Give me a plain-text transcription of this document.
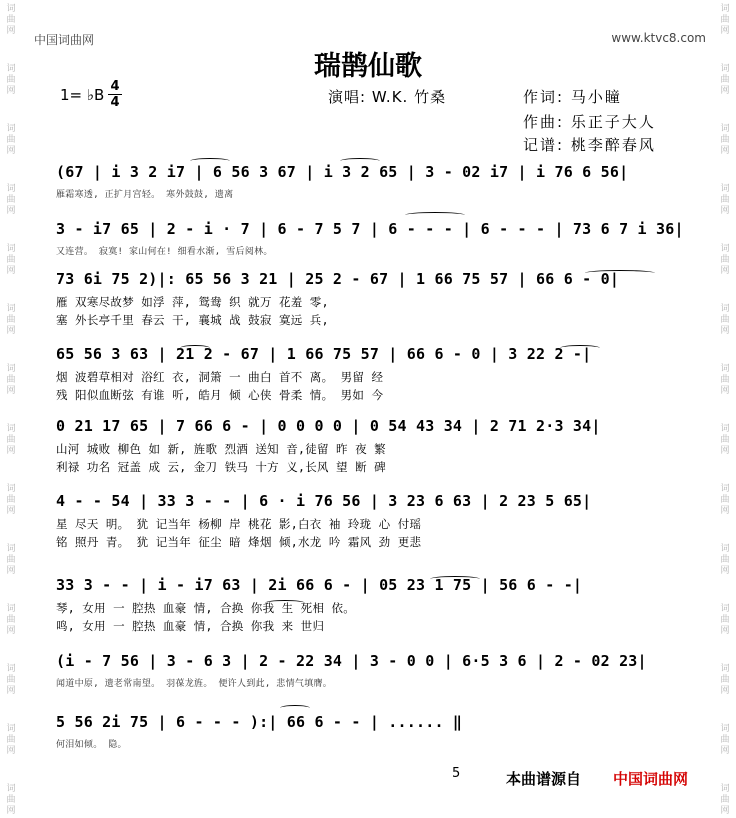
词
曲
网
词
曲
网
词
曲
网
词
曲
网
词
曲
网
词
曲
网
词
曲
网
词
曲
网
词
曲
网
词
曲
网
词
曲
网
词
曲
网
词
曲
网
词
曲
网
词
曲
网
词
曲
网
词
曲
网
词
曲
网
词
曲
网
词
曲
网
词
曲
网
词
曲
网
词
曲
网
词
曲
网
词
曲
网
词
曲
网
词
曲
网
词
曲
网
中国词曲网	www.ktvc8.com
瑞鹊仙歌
1= ♭B 4
4	演唱: W.K. 竹桑	作词: 马小瞳
作曲: 乐正子大人
记谱: 桃李醉春风
(67 | i 3 2 i7 | 6 56 3 67 | i 3 2 65 | 3 - 02 i7 | i 76 6 56|
雁霜寒透, 正扩月宫轻。 寒外鼓鼓, 遗离
3 - i7 65 | 2 - i · 7 | 6 - 7 5 7 | 6 - - - | 6 - - - | 73 6 7 i 36|
又连营。 寂寞! 家山何在! 细看水渐, 雪后阅林。
73 6i 75 2)|: 65 56 3 21 | 25 2 - 67 | 1 66 75 57 | 66 6 - 0|
雁 双寒尽故梦 如浮 萍, 鸳鸯 织 就万 花羞 零,
塞 外长亭千里 春云 干, 襄城 战 鼓寂 寞远 兵,
65 56 3 63 | 21 2 - 67 | 1 66 75 57 | 66 6 - 0 | 3 22 2 -|
烟 波碧草相对 浴红 衣, 洞箫 一 曲白 首不 离。 男留 经
残 阳似血断弦 有谁 听, 皓月 倾 心侠 骨柔 情。 男如 今
0 21 17 65 | 7 66 6 - | 0 0 0 0 | 0 54 43 34 | 2 71 2·3 34|
山河 城败 柳色 如 新, 旌歌 烈酒 送知 音,徒留 昨 夜 繁
利禄 功名 冠盖 成 云, 金刀 铁马 十方 义,长风 望 断 碑
4 - - 54 | 33 3 - - | 6 · i 76 56 | 3 23 6 63 | 2 23 5 65|
星 尽天 明。 犹 记当年 杨柳 岸 桃花 影,白衣 袖 玲珑 心 付瑶
铭 照丹 青。 犹 记当年 征尘 暗 烽烟 倾,水龙 吟 霜风 劲 更悲
33 3 - - | i - i7 63 | 2i 66 6 - | 05 23 1 75 | 56 6 - -|
琴, 女用 一 腔热 血豪 情, 合换 你我 生 死相 依。
鸣, 女用 一 腔热 血豪 情, 合换 你我 来 世归
(i - 7 56 | 3 - 6 3 | 2 - 22 34 | 3 - 0 0 | 6·5 3 6 | 2 - 02 23|
闻道中原, 遗老常南望。 羽葆龙旌。 便许人到此, 悲情气填膺。
5 56 2i 75 | 6 - - - ):| 66 6 - - | ...... ‖
何泪如倾。 隐。
5	本曲谱源自 中国词曲网
